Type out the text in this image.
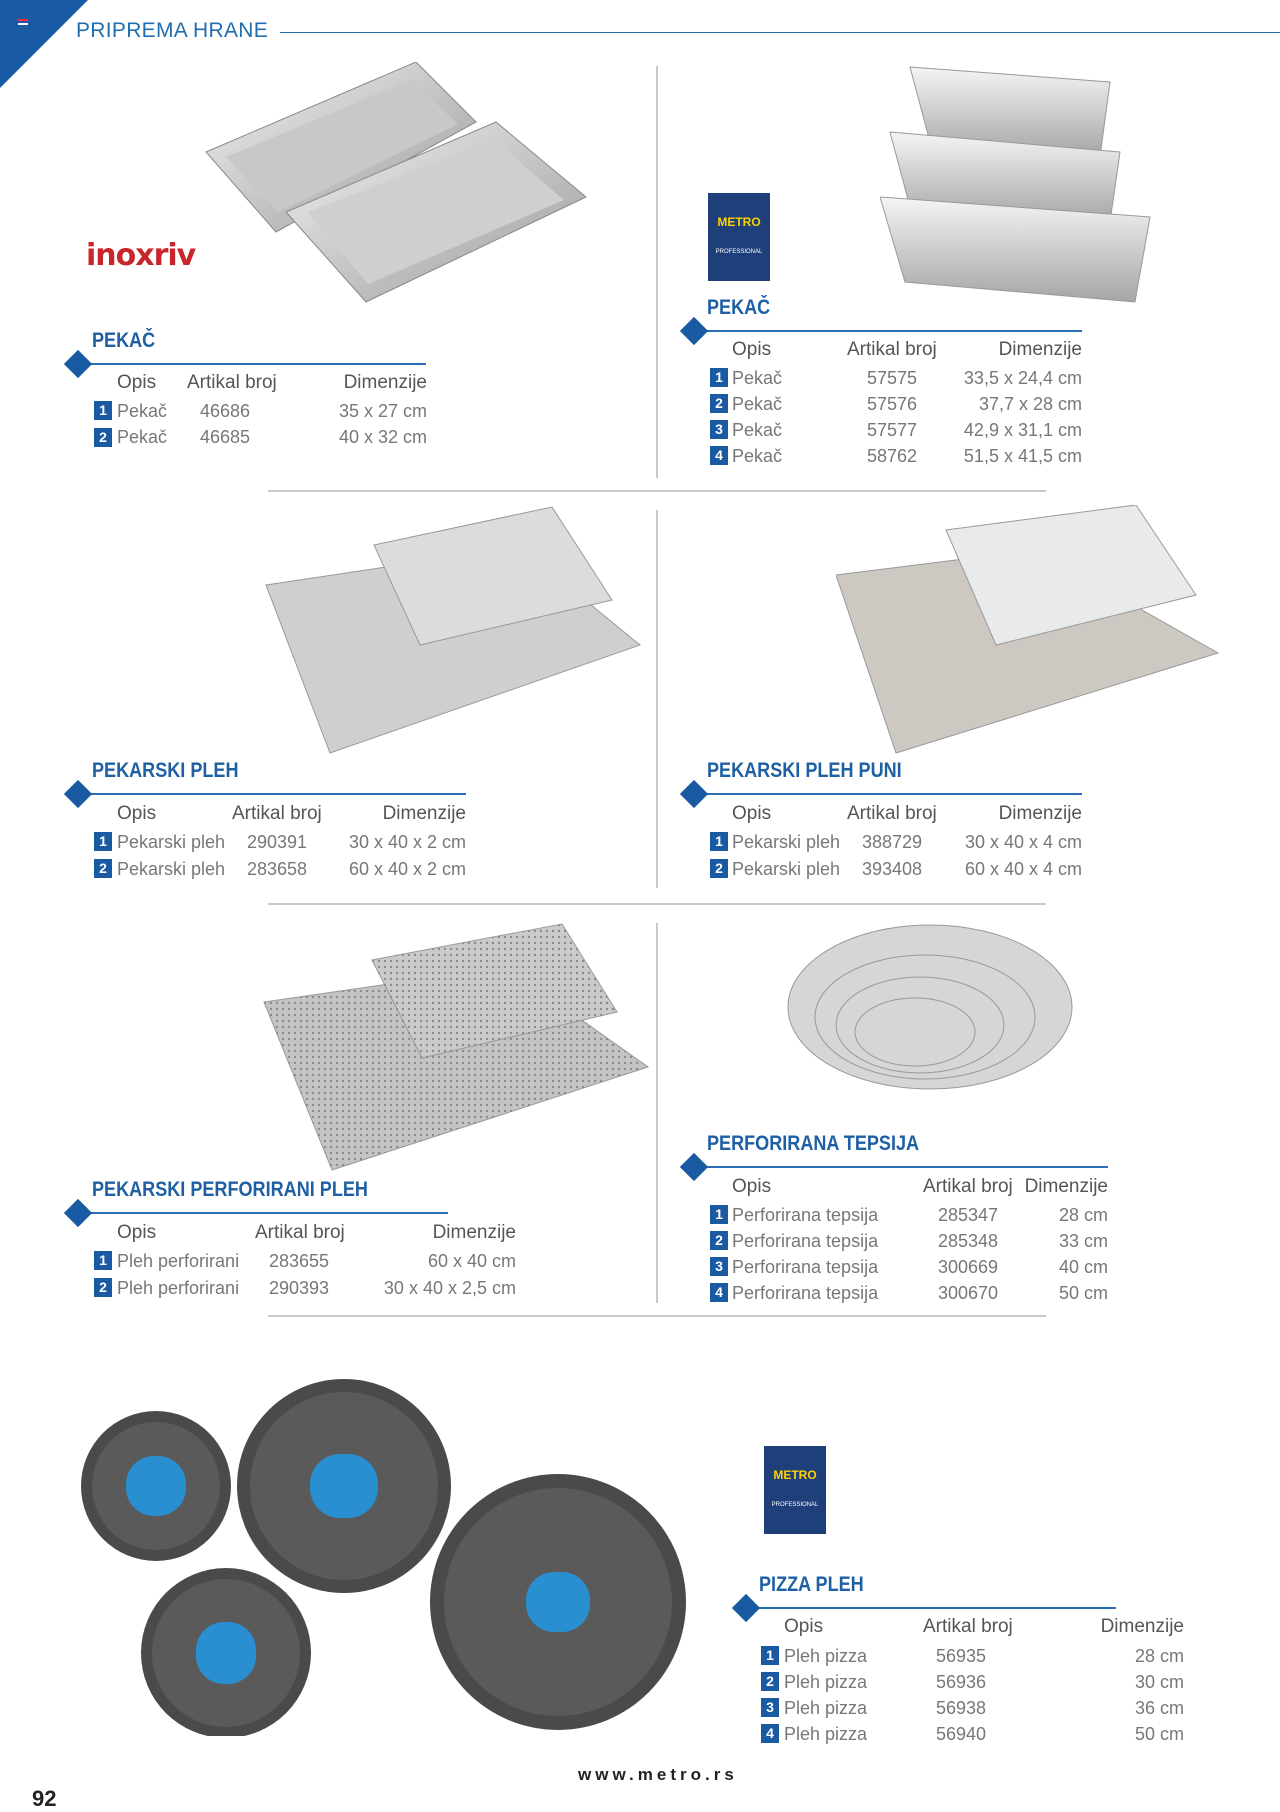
PRIPREMA HRANE
inoxriv
METRO
PROFESSIONAL
METRO
PROFESSIONAL
PEKAČ
Opis Artikal broj	Dimenzije
1 Pekač 46686	35 x 27 cm
2 Pekač 46685	40 x 32 cm
PEKAČ
Opis	Artikal broj	Dimenzije
1 Pekač	57575	33,5 x 24,4 cm
2 Pekač	57576	37,7 x 28 cm
3 Pekač	57577	42,9 x 31,1 cm
4 Pekač	58762	51,5 x 41,5 cm
PEKARSKI PLEH
Opis	Artikal broj	Dimenzije
1 Pekarski pleh 290391	30 x 40 x 2 cm
2 Pekarski pleh 283658	60 x 40 x 2 cm
PEKARSKI PLEH PUNI
Opis	Artikal broj	Dimenzije
1 Pekarski pleh 388729	30 x 40 x 4 cm
2 Pekarski pleh 393408	60 x 40 x 4 cm
PEKARSKI PERFORIRANI PLEH
Opis	Artikal broj	Dimenzije
1 Pleh perforirani 283655	60 x 40 cm
2 Pleh perforirani 290393	30 x 40 x 2,5 cm
PERFORIRANA TEPSIJA
Opis	Artikal broj Dimenzije
1 Perforirana tepsija	285347	28 cm
2 Perforirana tepsija	285348	33 cm
3 Perforirana tepsija	300669	40 cm
4 Perforirana tepsija	300670	50 cm
PIZZA PLEH
Opis	Artikal broj	Dimenzije
1 Pleh pizza	56935	28 cm
2 Pleh pizza	56936	30 cm
3 Pleh pizza	56938	36 cm
4 Pleh pizza	56940	50 cm
www.metro.rs
92
